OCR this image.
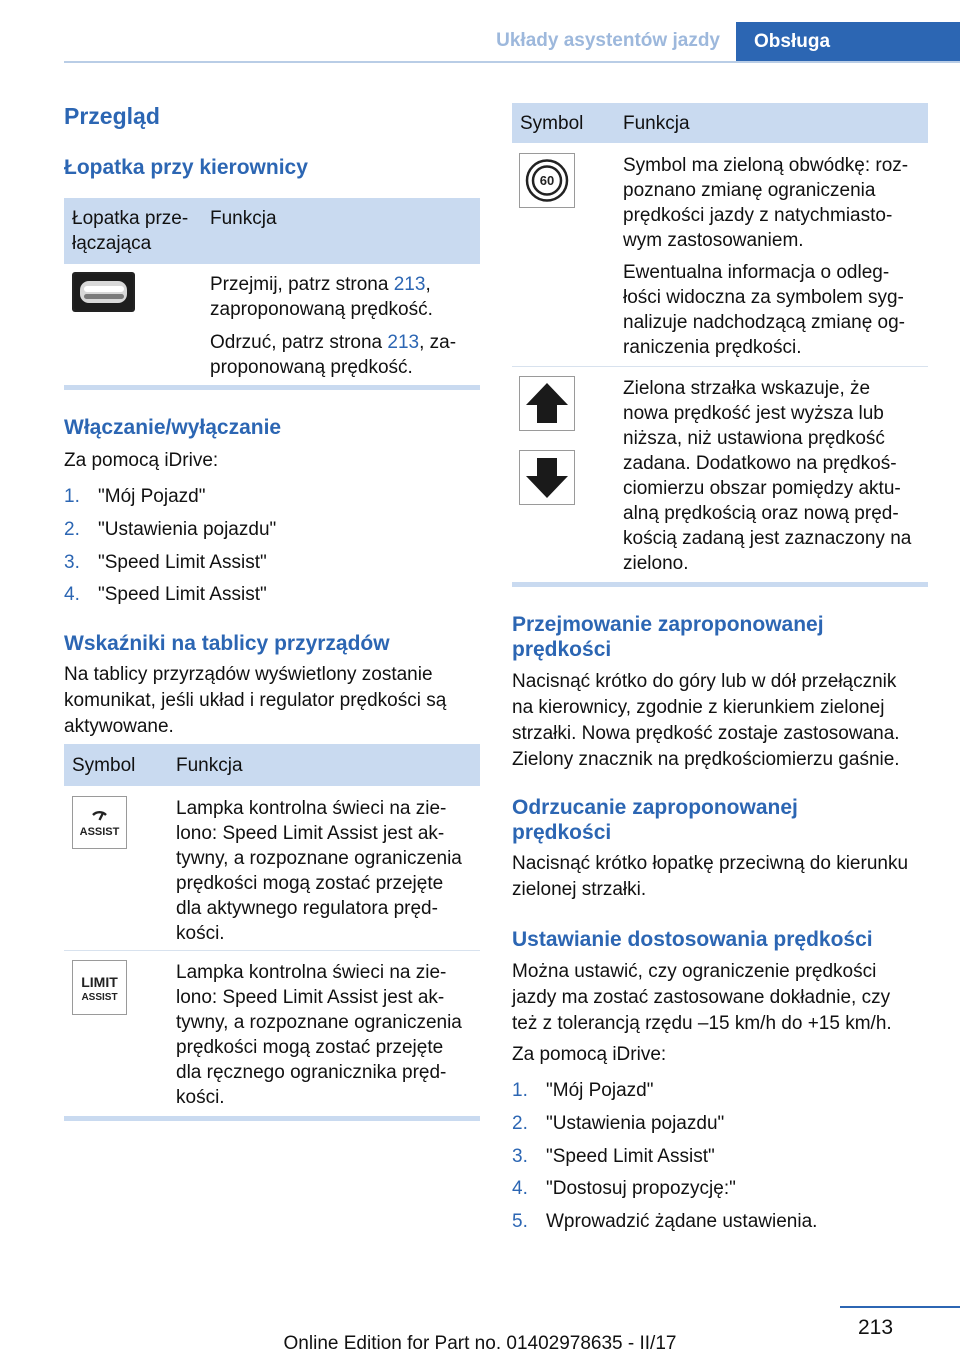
Układy asystentów jazdy Obsługa
Przegląd
Łopatka przy kierownicy
Łopatka prze-
łączająca
Funkcja
Przejmij, patrz strona 213,
zaproponowaną prędkość.
Odrzuć, patrz strona 213, za-
proponowaną prędkość.
Włączanie/wyłączanie
Za pomocą iDrive:
1. "Mój Pojazd"
2. "Ustawienia pojazdu"
3. "Speed Limit Assist"
4. "Speed Limit Assist"
Wskaźniki na tablicy przyrządów
Na tablicy przyrządów wyświetlony zostanie
komunikat, jeśli układ i regulator prędkości są
aktywowane.
Symbol Funkcja
ASSIST
Lampka kontrolna świeci na zie-
lono: Speed Limit Assist jest ak-
tywny, a rozpoznane ograniczenia
prędkości mogą zostać przejęte
dla aktywnego regulatora pręd-
kości.
LIMIT
ASSIST
Lampka kontrolna świeci na zie-
lono: Speed Limit Assist jest ak-
tywny, a rozpoznane ograniczenia
prędkości mogą zostać przejęte
dla ręcznego ogranicznika pręd-
kości.
Symbol Funkcja
60
Symbol ma zieloną obwódkę: roz-
poznano zmianę ograniczenia
prędkości jazdy z natychmiasto-
wym zastosowaniem.
Ewentualna informacja o odleg-
łości widoczna za symbolem syg-
nalizuje nadchodzącą zmianę og-
raniczenia prędkości.
Zielona strzałka wskazuje, że
nowa prędkość jest wyższa lub
niższa, niż ustawiona prędkość
zadana. Dodatkowo na prędkoś-
ciomierzu obszar pomiędzy aktu-
alną prędkością oraz nową pręd-
kością zadaną jest zaznaczony na
zielono.
Przejmowanie zaproponowanej
prędkości
Nacisnąć krótko do góry lub w dół przełącznik
na kierownicy, zgodnie z kierunkiem zielonej
strzałki. Nowa prędkość zostaje zastosowana.
Zielony znacznik na prędkościomierzu gaśnie.
Odrzucanie zaproponowanej
prędkości
Nacisnąć krótko łopatkę przeciwną do kierunku
zielonej strzałki.
Ustawianie dostosowania prędkości
Można ustawić, czy ograniczenie prędkości
jazdy ma zostać zastosowane dokładnie, czy
też z tolerancją rzędu –15 km/h do +15 km/h.
Za pomocą iDrive:
1. "Mój Pojazd"
2. "Ustawienia pojazdu"
3. "Speed Limit Assist"
4. "Dostosuj propozycję:"
5. Wprowadzić żądane ustawienia.
213
Online Edition for Part no. 01402978635 - II/17
